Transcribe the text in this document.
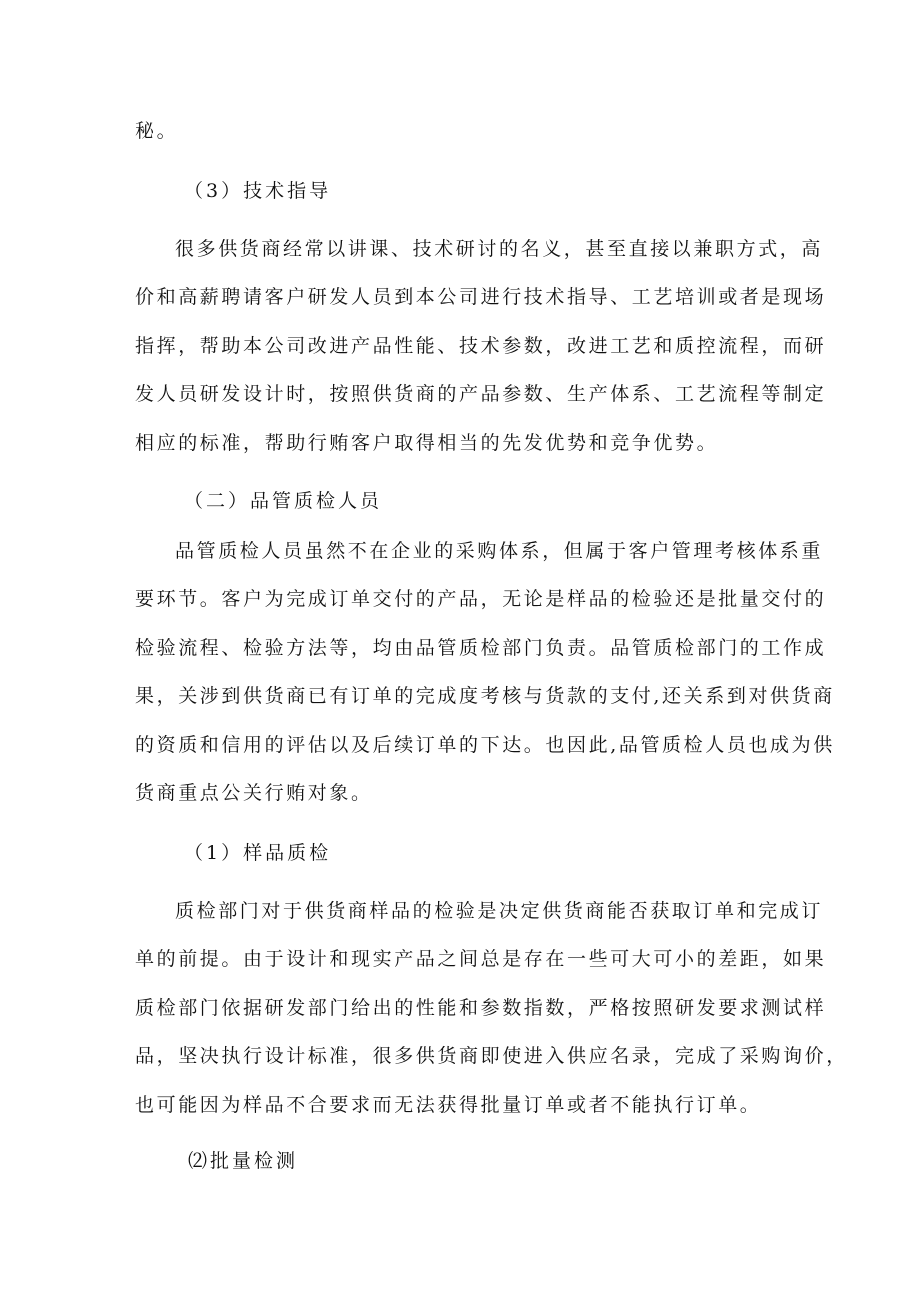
秘。
（3）技术指导
很多供货商经常以讲课、技术研讨的名义，甚至直接以兼职方式，高
价和高薪聘请客户研发人员到本公司进行技术指导、工艺培训或者是现场
指挥，帮助本公司改进产品性能、技术参数，改进工艺和质控流程，而研
发人员研发设计时，按照供货商的产品参数、生产体系、工艺流程等制定
相应的标准，帮助行贿客户取得相当的先发优势和竞争优势。
（二）品管质检人员
品管质检人员虽然不在企业的采购体系，但属于客户管理考核体系重
要环节。客户为完成订单交付的产品，无论是样品的检验还是批量交付的
检验流程、检验方法等，均由品管质检部门负责。品管质检部门的工作成
果，关涉到供货商已有订单的完成度考核与货款的支付,还关系到对供货商
的资质和信用的评估以及后续订单的下达。也因此,品管质检人员也成为供
货商重点公关行贿对象。
（1）样品质检
质检部门对于供货商样品的检验是决定供货商能否获取订单和完成订
单的前提。由于设计和现实产品之间总是存在一些可大可小的差距，如果
质检部门依据研发部门给出的性能和参数指数，严格按照研发要求测试样
品，坚决执行设计标准，很多供货商即使进入供应名录，完成了采购询价，
也可能因为样品不合要求而无法获得批量订单或者不能执行订单。
⑵批量检测
